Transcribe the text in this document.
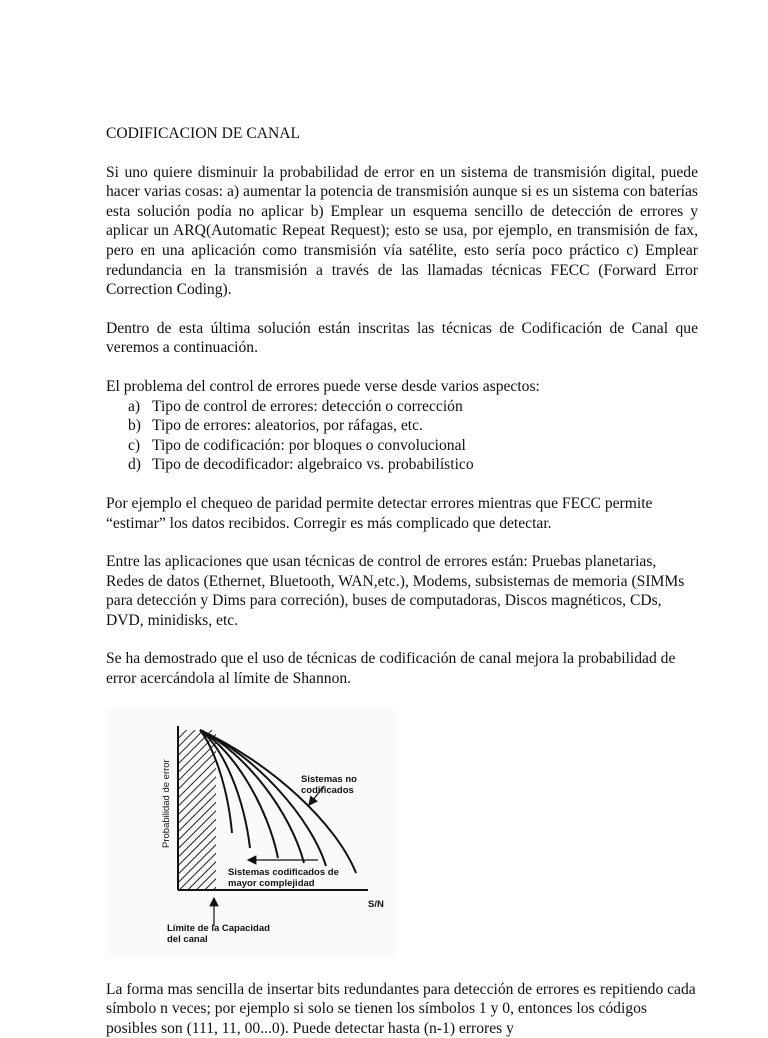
CODIFICACION DE CANAL
Si uno quiere disminuir la probabilidad de error en un sistema de transmisión digital, puede hacer varias cosas: a) aumentar la potencia de transmisión aunque si es un sistema con baterías esta solución podía no aplicar b) Emplear un esquema sencillo de detección de errores y aplicar un ARQ(Automatic Repeat Request); esto se usa, por ejemplo, en transmisión de fax, pero en una aplicación como transmisión vía satélite, esto sería poco práctico c) Emplear redundancia en la transmisión a través de las llamadas técnicas FECC (Forward Error Correction Coding).
Dentro de esta última solución están inscritas las técnicas de Codificación de Canal que veremos a continuación.
El problema del control de errores puede verse desde varios aspectos:
a) Tipo de control de errores: detección o corrección
b) Tipo de errores: aleatorios, por ráfagas, etc.
c) Tipo de codificación: por bloques o convolucional
d) Tipo de decodificador: algebraico vs. probabilístico
Por ejemplo el chequeo de paridad permite detectar errores mientras que FECC permite “estimar” los datos recibidos. Corregir es más complicado que detectar.
Entre las aplicaciones que usan técnicas de control de errores están: Pruebas planetarias, Redes de datos (Ethernet, Bluetooth, WAN,etc.), Modems, subsistemas de memoria (SIMMs para detección y Dims para correción), buses de computadoras, Discos magnéticos, CDs, DVD, minidisks, etc.
Se ha demostrado que el uso de técnicas de codificación de canal mejora la probabilidad de error acercándola al límite de Shannon.
Probabilidad de error	Sistemas no codificados
Sistemas codificados de
mayor complejidad
S/N
Límite de la Capacidad
del canal
La forma mas sencilla de insertar bits redundantes para detección de errores es repitiendo cada símbolo n veces; por ejemplo si solo se tienen los símbolos 1 y 0, entonces los códigos posibles son (111, 11, 00...0). Puede detectar hasta (n-1) errores y
